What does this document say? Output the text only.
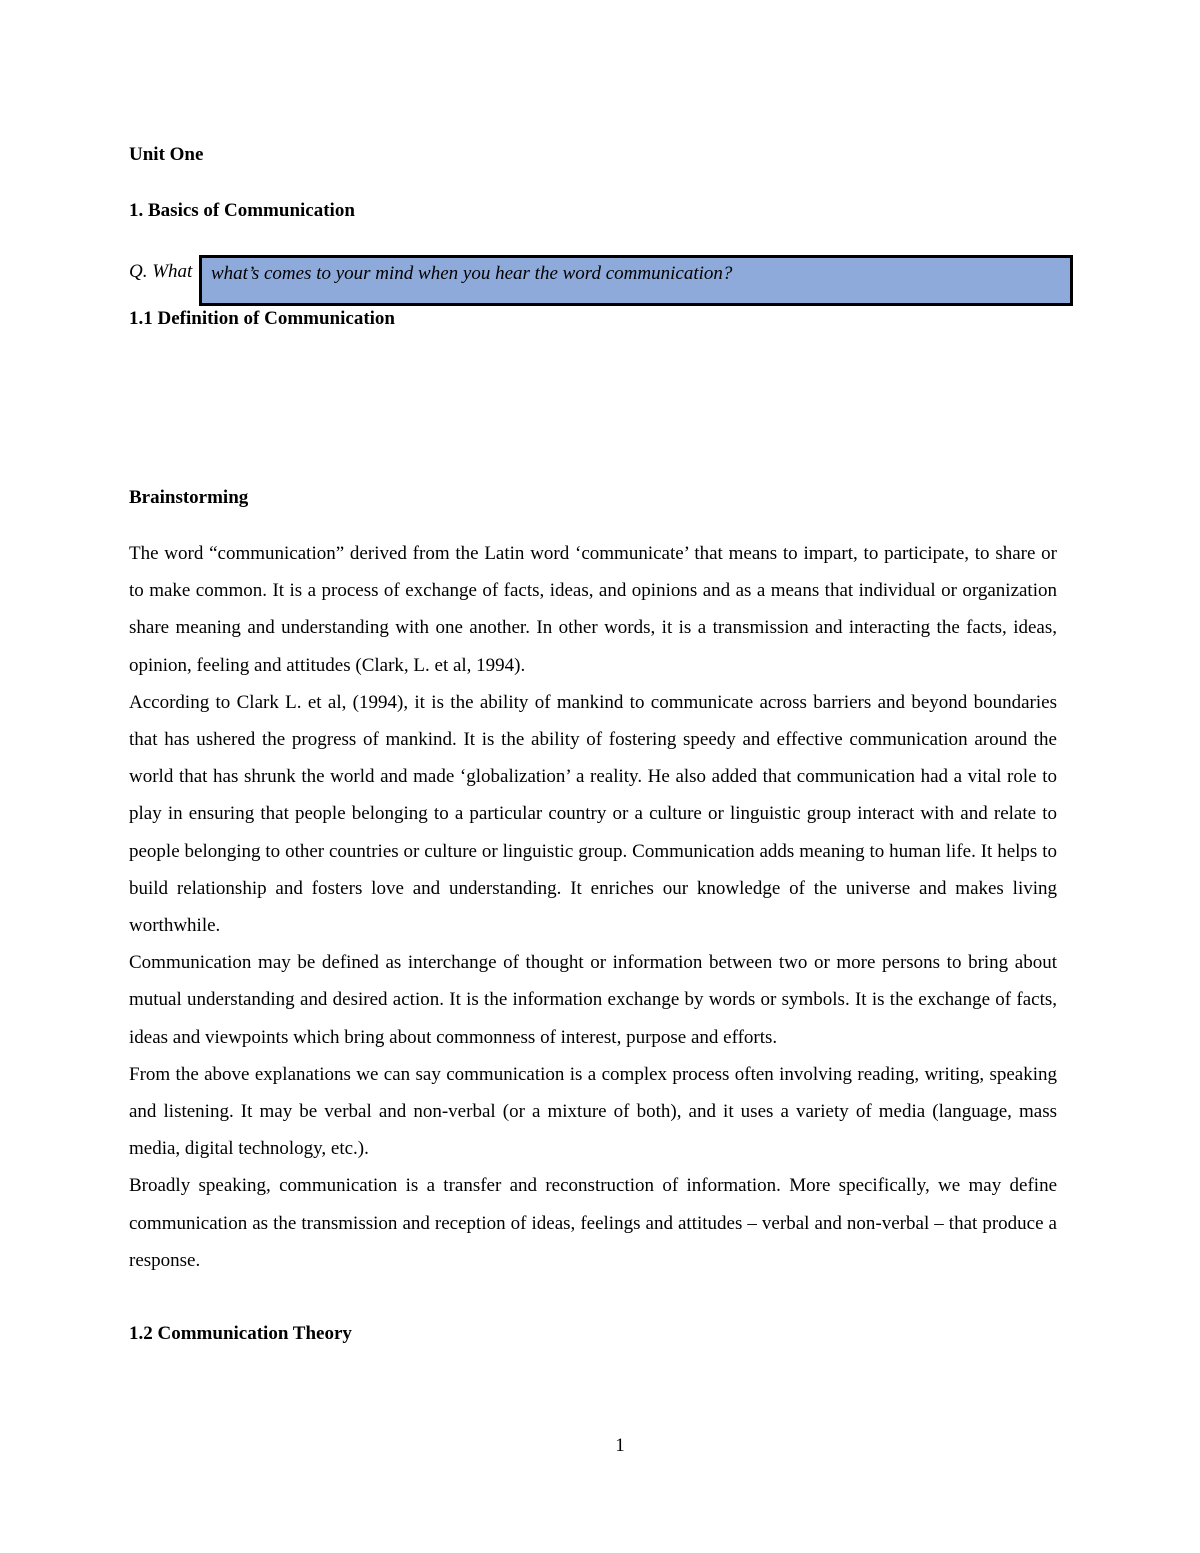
Unit One
1. Basics of Communication
Q. What what’s comes to your mind when you hear the word communication?
1.1 Definition of Communication
Brainstorming

The word “communication” derived from the Latin word ‘communicate’ that means to impart, to participate, to share or to make common. It is a process of exchange of facts, ideas, and opinions and as a means that individual or organization share meaning and understanding with one another. In other words, it is a transmission and interacting the facts, ideas, opinion, feeling and attitudes (Clark, L. et al, 1994).

According to Clark L. et al, (1994), it is the ability of mankind to communicate across barriers and beyond boundaries that has ushered the progress of mankind. It is the ability of fostering speedy and effective communication around the world that has shrunk the world and made ‘globalization’ a reality. He also added that communication had a vital role to play in ensuring that people belonging to a particular country or a culture or linguistic group interact with and relate to people belonging to other countries or culture or linguistic group. Communication adds meaning to human life. It helps to build relationship and fosters love and understanding. It enriches our knowledge of the universe and makes living worthwhile.

Communication may be defined as interchange of thought or information between two or more persons to bring about mutual understanding and desired action. It is the information exchange by words or symbols. It is the exchange of facts, ideas and viewpoints which bring about commonness of interest, purpose and efforts.

From the above explanations we can say communication is a complex process often involving reading, writing, speaking and listening. It may be verbal and non-verbal (or a mixture of both), and it uses a variety of media (language, mass media, digital technology, etc.).

Broadly speaking, communication is a transfer and reconstruction of information. More specifically, we may define communication as the transmission and reception of ideas, feelings and attitudes – verbal and non-verbal – that produce a response.

1.2 Communication Theory
1
